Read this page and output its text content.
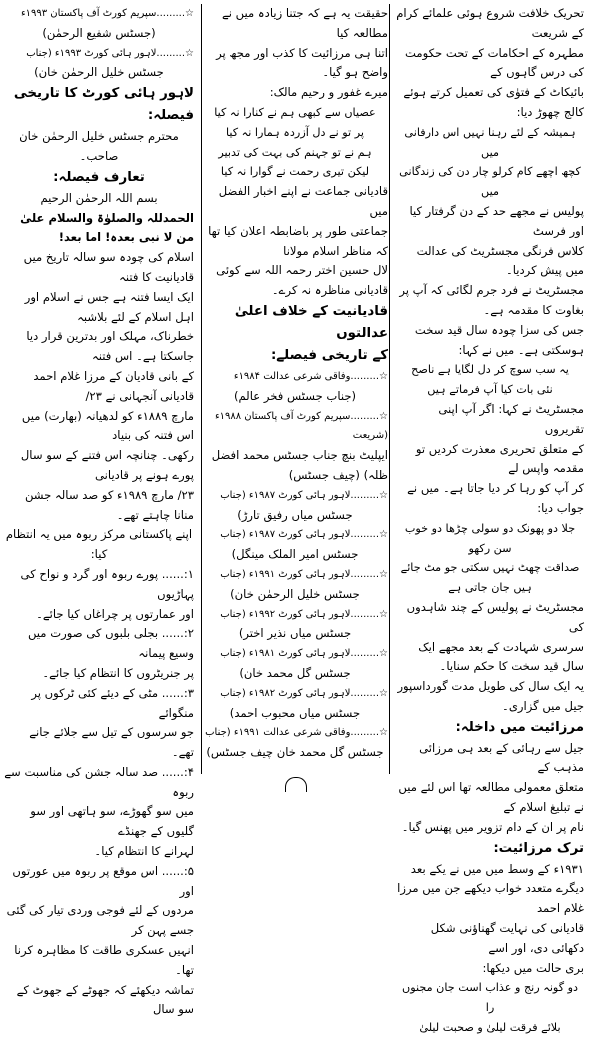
تحریک خلافت شروع ہوئی علمائے کرام کے شریعت

مطہرہ کے احکامات کے تحت حکومت کی درس گاہوں کے

بائیکاٹ کے فتوٰی کی تعمیل کرتے ہوئے کالج چھوڑ دیا:

ہمیشہ کے لئے رہنا نہیں اس دارفانی میں

کچھ اچھے کام کرلو چار دن کی زندگانی میں

پولیس نے مجھے حد کے دن گرفتار کیا اور فرسٹ

کلاس فرنگی مجسٹریٹ کی عدالت میں پیش کردیا۔

مجسٹریٹ نے فرد جرم لگائی کہ آپ پر بغاوت کا مقدمہ ہے۔

جس کی سزا چودہ سال قید سخت ہوسکتی ہے۔ میں نے کہا:

یہ سب سوچ کر دل لگایا ہے ناصح

نئی بات کیا آپ فرماتے ہیں

مجسٹریٹ نے کہا: اگر آپ اپنی تقریروں

کے متعلق تحریری معذرت کردیں تو مقدمہ واپس لے

کر آپ کو رہا کر دیا جاتا ہے۔ میں نے جواب دیا:

جلا دو پھونک دو سولی چڑھا دو خوب سن رکھو

صداقت چھٹ نہیں سکتی جو مٹ جائے ہیں جان جاتی ہے

مجسٹریٹ نے پولیس کے چند شاہدوں کی

سرسری شہادت کے بعد مجھے ایک سال قید سخت کا حکم سنایا۔

یہ ایک سال کی طویل مدت گورداسپور جیل میں گزاری۔

مرزائیت میں داخلہ:

جیل سے رہائی کے بعد ہی مرزائی مذہب کے

متعلق معمولی مطالعہ تھا اس لئے میں نے تبلیغ اسلام کے

نام پر ان کے دام تزویر میں پھنس گیا۔

ترک مرزائیت:

۱۹۳۱ء کے وسط میں میں نے یکے بعد

دیگرے متعدد خواب دیکھے جن میں مرزا غلام احمد

قادیانی کی نہایت گھناؤنی شکل دکھائی دی، اور اسے

بری حالت میں دیکھا:

دو گونہ رنج و عذاب است جان مجنوں را

بلائے فرقت لیلیٰ و صحبت لیلیٰ

حقیقت یہ ہے کہ جتنا زیادہ میں نے مطالعہ کیا

اتنا ہی مرزائیت کا کذب اور مجھ پر واضح ہو گیا۔

میرے غفور و رحیم مالک:

عصیاں سے کبھی ہم نے کنارا نہ کیا

پر تو نے دل آزردہ ہمارا نہ کیا

ہم نے تو جہنم کی بہت کی تدبیر

لیکن تیری رحمت نے گوارا نہ کیا

قادیانی جماعت نے اپنے اخبار الفضل میں

جماعتی طور پر باضابطہ اعلان کیا تھا کہ مناظر اسلام مولانا

لال حسین اختر رحمہ اللہ سے کوئی قادیانی مناظرہ نہ کرے۔

قادیانیت کے خلاف اعلیٰ عدالتوں

کے تاریخی فیصلے:

☆.........وفاقی شرعی عدالت ۱۹۸۴ء

(جناب جسٹس فخر عالم)

☆.........سپریم کورٹ آف پاکستان ۱۹۸۸ء (شریعت

ایپلیٹ بنچ جناب جسٹس محمد افضل ظلہ) (چیف جسٹس)

☆.........لاہور ہائی کورٹ ۱۹۸۷ء (جناب

جسٹس میاں رفیق تارڑ)

☆.........لاہور ہائی کورٹ ۱۹۸۷ء (جناب

جسٹس امیر الملک مینگل)

☆.........لاہور ہائی کورٹ ۱۹۹۱ء (جناب

جسٹس خلیل الرحمٰن خان)

☆.........لاہور ہائی کورٹ ۱۹۹۲ء (جناب

جسٹس میاں نذیر اختر)

☆.........لاہور ہائی کورٹ ۱۹۸۱ء (جناب

جسٹس گل محمد خان)

☆.........لاہور ہائی کورٹ ۱۹۸۲ء (جناب

جسٹس میاں محبوب احمد)

☆.........وفاقی شرعی عدالت ۱۹۹۱ء (جناب

جسٹس گل محمد خان چیف جسٹس)

☆.........سپریم کورٹ آف پاکستان ۱۹۹۳ء

(جسٹس شفیع الرحمٰن)

☆.........لاہور ہائی کورٹ ۱۹۹۳ء (جناب

جسٹس خلیل الرحمٰن خان)

لاہور ہائی کورٹ کا تاریخی فیصلہ:

محترم جسٹس خلیل الرحمٰن خان صاحب۔

تعارف فیصلہ:

بسم اللہ الرحمٰن الرحیم

الحمدللہ والصلوٰۃ والسلام علیٰ من لا نبی بعدہ! اما بعد!

اسلام کی چودہ سو سالہ تاریخ میں قادیانیت کا فتنہ

ایک ایسا فتنہ ہے جس نے اسلام اور اہل اسلام کے لئے بلاشبہ

خطرناک، مہلک اور بدترین قرار دیا جاسکتا ہے۔ اس فتنہ

کے بانی قادیان کے مرزا غلام احمد قادیانی آنجہانی نے ۲۳/

مارچ ۱۸۸۹ء کو لدھیانہ (بھارت) میں اس فتنہ کی بنیاد

رکھی۔ چنانچہ اس فتنے کے سو سال پورے ہونے پر قادیانی

۲۳/ مارچ ۱۹۸۹ء کو صد سالہ جشن منانا چاہتے تھے۔

اپنے پاکستانی مرکز ربوہ میں یہ انتظام کیا:

۱:...... پورے ربوہ اور گرد و نواح کی پہاڑیوں

اور عمارتوں پر چراغاں کیا جائے۔

۲:...... بجلی بلبوں کی صورت میں وسیع پیمانہ

پر جنریٹروں کا انتظام کیا جائے۔

۳:...... مٹی کے دیئے کئی ٹرکوں پر منگوائے

جو سرسوں کے تیل سے جلائے جانے تھے۔

۴:...... صد سالہ جشن کی مناسبت سے ربوہ

میں سو گھوڑے، سو ہاتھی اور سو گلیوں کے جھنڈے

لہرانے کا انتظام کیا۔

۵:...... اس موقع پر ربوہ میں عورتوں اور

مردوں کے لئے فوجی وردی تیار کی گئی جسے پہن کر

انہیں عسکری طاقت کا مظاہرہ کرنا تھا۔

تماشہ دیکھئے کہ جھوٹے کے جھوٹ کے سو سال
